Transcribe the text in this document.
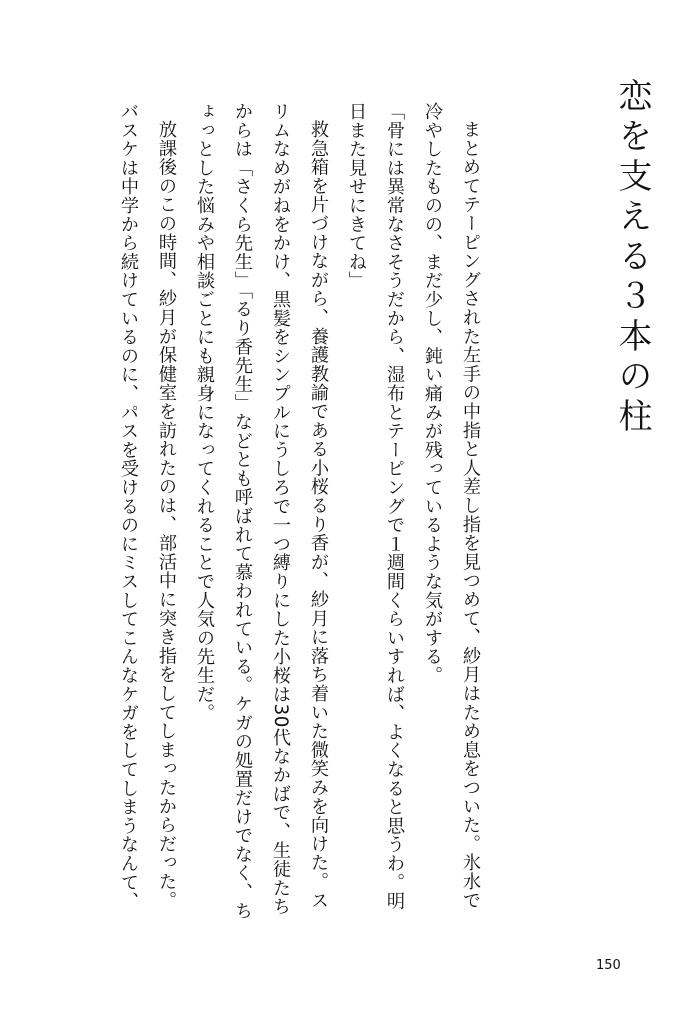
恋を支える３本の柱

まとめてテーピングされた左手の中指と人差し指を見つめて、紗月はため息をついた。氷水で冷やしたものの、まだ少し、鈍い痛みが残っているような気がする。

「骨には異常なさそうだから、湿布とテーピングで１週間くらいすれば、よくなると思うわ。明日また見せにきてね」

救急箱を片づけながら、養護教諭である小桜るり香が、紗月に落ち着いた微笑みを向けた。スリムなめがねをかけ、黒髪をシンプルにうしろで一つ縛りにした小桜は30代なかばで、生徒たちからは「さくら先生」「るり香先生」などとも呼ばれて慕われている。ケガの処置だけでなく、ちょっとした悩みや相談ごとにも親身になってくれることで人気の先生だ。

放課後のこの時間、紗月が保健室を訪れたのは、部活中に突き指をしてしまったからだった。バスケは中学から続けているのに、パスを受けるのにミスしてこんなケガをしてしまうなんて、

150
